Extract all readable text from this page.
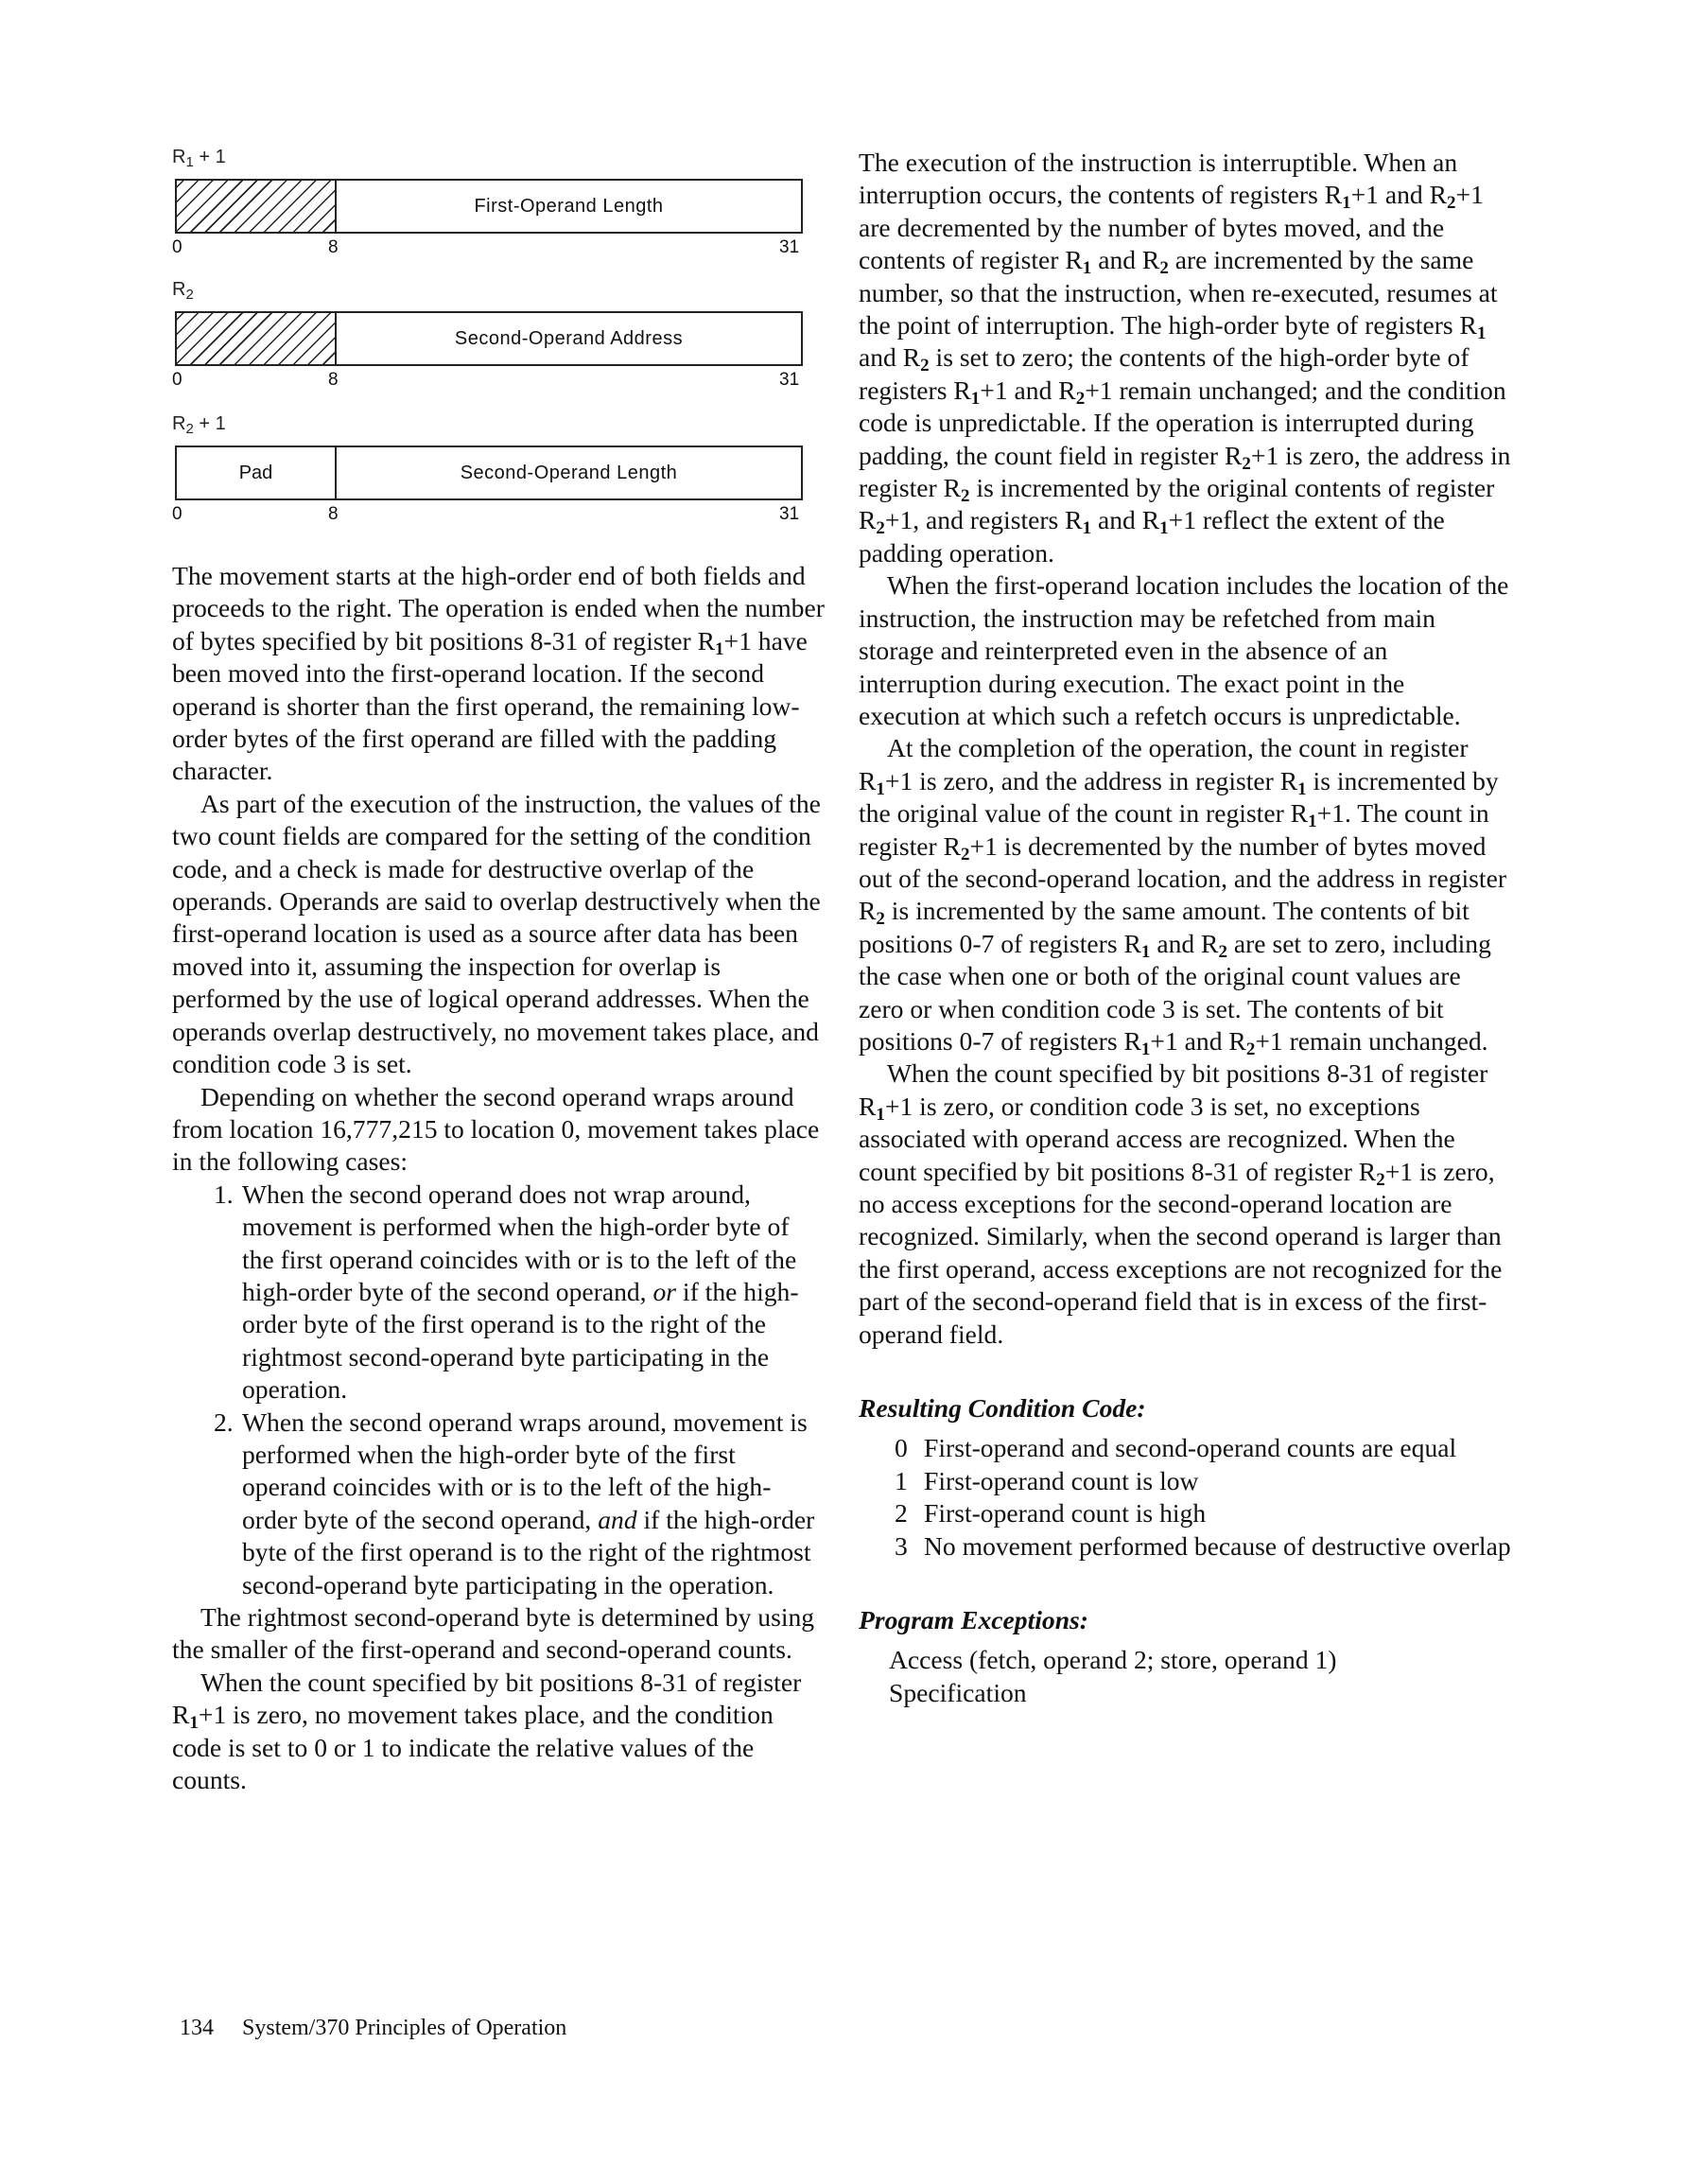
$R_1 + 1$
First-Operand Length
0	8	31
$R_2$
Second-Operand Address
0	8	31
$R_2 + 1$
Pad	Second-Operand Length
0	8	31

The movement starts at the high-order end of both fields and proceeds to the right. The operation is ended when the number of bytes specified by bit positions 8-31 of register $R_1+1$ have been moved into the first-operand location. If the second operand is shorter than the first operand, the remaining low-order bytes of the first operand are filled with the padding character.

As part of the execution of the instruction, the values of the two count fields are compared for the setting of the condition code, and a check is made for destructive overlap of the operands. Operands are said to overlap destructively when the first-operand location is used as a source after data has been moved into it, assuming the inspection for overlap is performed by the use of logical operand addresses. When the operands overlap destructively, no movement takes place, and condition code 3 is set.

Depending on whether the second operand wraps around from location 16,777,215 to location 0, movement takes place in the following cases:

1. When the second operand does not wrap around, movement is performed when the high-order byte of the first operand coincides with or is to the left of the high-order byte of the second operand, or if the high-order byte of the first operand is to the right of the rightmost second-operand byte participating in the operation.
2. When the second operand wraps around, movement is performed when the high-order byte of the first operand coincides with or is to the left of the high-order byte of the second operand, and if the high-order byte of the first operand is to the right of the rightmost second-operand byte participating in the operation.

The rightmost second-operand byte is determined by using the smaller of the first-operand and second-operand counts.

When the count specified by bit positions 8-31 of register $R_1+1$ is zero, no movement takes place, and the condition code is set to 0 or 1 to indicate the relative values of the counts.

The execution of the instruction is interruptible. When an interruption occurs, the contents of registers $R_1+1$ and $R_2+1$ are decremented by the number of bytes moved, and the contents of register $R_1$ and $R_2$ are incremented by the same number, so that the instruction, when re-executed, resumes at the point of interruption. The high-order byte of registers $R_1$ and $R_2$ is set to zero; the contents of the high-order byte of registers $R_1+1$ and $R_2+1$ remain unchanged; and the condition code is unpredictable. If the operation is interrupted during padding, the count field in register $R_2+1$ is zero, the address in register $R_2$ is incremented by the original contents of register $R_2+1$, and registers $R_1$ and $R_1+1$ reflect the extent of the padding operation.

When the first-operand location includes the location of the instruction, the instruction may be refetched from main storage and reinterpreted even in the absence of an interruption during execution. The exact point in the execution at which such a refetch occurs is unpredictable.

At the completion of the operation, the count in register $R_1+1$ is zero, and the address in register $R_1$ is incremented by the original value of the count in register $R_1+1$. The count in register $R_2+1$ is decremented by the number of bytes moved out of the second-operand location, and the address in register $R_2$ is incremented by the same amount. The contents of bit positions 0-7 of registers $R_1$ and $R_2$ are set to zero, including the case when one or both of the original count values are zero or when condition code 3 is set. The contents of bit positions 0-7 of registers $R_1+1$ and $R_2+1$ remain unchanged.

When the count specified by bit positions 8-31 of register $R_1+1$ is zero, or condition code 3 is set, no exceptions associated with operand access are recognized. When the count specified by bit positions 8-31 of register $R_2+1$ is zero, no access exceptions for the second-operand location are recognized. Similarly, when the second operand is larger than the first operand, access exceptions are not recognized for the part of the second-operand field that is in excess of the first-operand field.

Resulting Condition Code:

0 First-operand and second-operand counts are equal
1 First-operand count is low
2 First-operand count is high
3 No movement performed because of destructive overlap

Program Exceptions:

Access (fetch, operand 2; store, operand 1)

Specification

134 System/370 Principles of Operation
